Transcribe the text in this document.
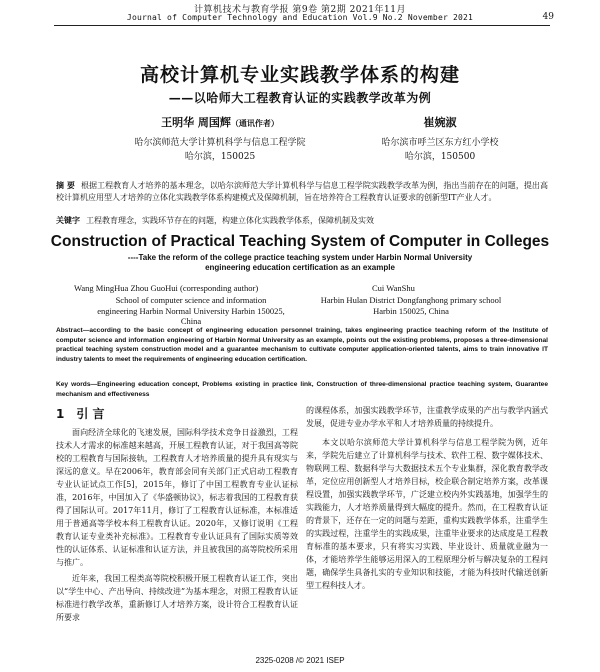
计算机技术与教育学报 第9卷 第2期 2021年11月
Journal of Computer Technology and Education Vol.9 No.2 November 2021	49
高校计算机专业实践教学体系的构建
——以哈师大工程教育认证的实践教学改革为例
王明华 周国辉（通讯作者）
哈尔滨师范大学计算机科学与信息工程学院
哈尔滨，150025
崔婉淑
哈尔滨市呼兰区东方红小学校
哈尔滨，150500
摘 要 根据工程教育人才培养的基本理念，以哈尔滨师范大学计算机科学与信息工程学院实践教学改革为例，指出当前存在的问题，提出高校计算机应用型人才培养的立体化实践教学体系构建模式及保障机制，旨在培养符合工程教育认证要求的创新型IT产业人才。
关键字 工程教育理念，实践环节存在的问题，构建立体化实践教学体系，保障机制及实效
Construction of Practical Teaching System of Computer in Colleges
----Take the reform of the college practice teaching system under Harbin Normal University engineering education certification as an example
Wang MingHua Zhou GuoHui (corresponding author)	Cui WanShu
School of computer science and information engineering Harbin Normal University Harbin 150025, China
Harbin Hulan District Dongfanghong primary school Harbin 150025, China
Abstract—according to the basic concept of engineering education personnel training, takes engineering practice teaching reform of the Institute of computer science and information engineering of Harbin Normal University as an example, points out the existing problems, proposes a three-dimensional practical teaching system construction model and a guarantee mechanism to cultivate computer application-oriented talents, aims to train innovative IT industry talents to meet the requirements of engineering education certification.
Key words—Engineering education concept, Problems existing in practice link, Construction of three-dimensional practice teaching system, Guarantee mechanism and effectiveness
1 引 言

面向经济全球化的飞速发展，国际科学技术竞争日益激烈，工程技术人才需求的标准越来越高，开展工程教育认证，对于我国高等院校的工程教育与国际接轨，工程教育人才培养质量的提升具有现实与深远的意义。早在2006年，教育部会同有关部门正式启动工程教育专业认证试点工作[5]，2015年，修订了中国工程教育专业认证标准，2016年，中国加入了《华盛顿协议》，标志着我国的工程教育获得了国际认可。2017年11月，修订了工程教育认证标准，本标准适用于普通高等学校本科工程教育认证。2020年，又修订说明《工程教育认证专业类补充标准》。工程教育专业认证具有了国际实质等效性的认证体系、认证标准和认证方法，并且被我国的高等院校所采用与推广。

近年来，我国工程类高等院校积极开展工程教育认证工作，突出以“学生中心、产出导向、持续改进”为基本理念，对照工程教育认证标准进行教学改革，重新修订人才培养方案，设计符合工程教育认证所要求

的课程体系，加强实践教学环节，注重教学成果的产出与教学内涵式发展，促进专业办学水平和人才培养质量的持续提升。

本文以哈尔滨师范大学计算机科学与信息工程学院为例，近年来，学院先后建立了计算机科学与技术、软件工程、数字媒体技术、物联网工程、数据科学与大数据技术五个专业集群，深化教育教学改革，定位应用创新型人才培养目标，校企联合制定培养方案，改革课程设置，加强实践教学环节，广泛建立校内外实践基地，加强学生的实践能力，人才培养质量得到大幅度的提升。然而，在工程教育认证的背景下，还存在一定的问题与差距，重构实践教学体系，注重学生的实践过程，注重学生的实践成果，注重毕业要求的达成度是工程教育标准的基本要求，只有将实习实践、毕业设计、质量就业融为一体，才能培养学生能够运用深入的工程原理分析与解决复杂的工程问题，确保学生具备扎实的专业知识和技能，才能为科技时代输送创新型工程科技人才。

2325-0208 /© 2021 ISEP
